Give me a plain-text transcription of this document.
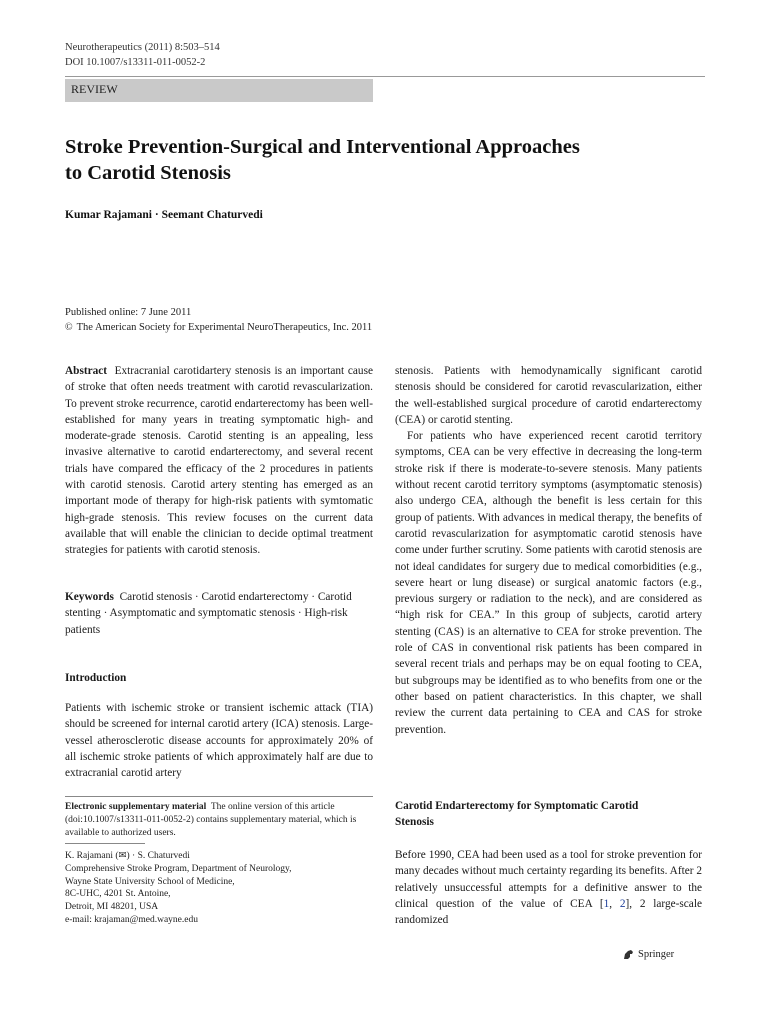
Neurotherapeutics (2011) 8:503–514
DOI 10.1007/s13311-011-0052-2
REVIEW
Stroke Prevention-Surgical and Interventional Approaches
to Carotid Stenosis
Kumar Rajamani · Seemant Chaturvedi
Published online: 7 June 2011
© The American Society for Experimental NeuroTherapeutics, Inc. 2011

Abstract Extracranial carotidartery stenosis is an important cause of stroke that often needs treatment with carotid revascularization. To prevent stroke recurrence, carotid endarterectomy has been well-established for many years in treating symptomatic high- and moderate-grade stenosis. Carotid stenting is an appealing, less invasive alternative to carotid endarterectomy, and several recent trials have compared the efficacy of the 2 procedures in patients with carotid stenosis. Carotid artery stenting has emerged as an important mode of therapy for high-risk patients with symtomatic high-grade stenosis. This review focuses on the current data available that will enable the clinician to decide optimal treatment strategies for patients with carotid stenosis.

Keywords Carotid stenosis · Carotid endarterectomy · Carotid stenting · Asymptomatic and symptomatic stenosis · High-risk patients

Introduction

Patients with ischemic stroke or transient ischemic attack (TIA) should be screened for internal carotid artery (ICA) stenosis. Large-vessel atherosclerotic disease accounts for approximately 20% of all ischemic stroke patients of which approximately half are due to extracranial carotid artery

Electronic supplementary material The online version of this article (doi:10.1007/s13311-011-0052-2) contains supplementary material, which is available to authorized users.
K. Rajamani (✉) · S. Chaturvedi
Comprehensive Stroke Program, Department of Neurology,
Wayne State University School of Medicine,
8C-UHC, 4201 St. Antoine,
Detroit, MI 48201, USA
e-mail: krajaman@med.wayne.edu

stenosis. Patients with hemodynamically significant carotid stenosis should be considered for carotid revascularization, either the well-established surgical procedure of carotid endarterectomy (CEA) or carotid stenting.

For patients who have experienced recent carotid territory symptoms, CEA can be very effective in decreasing the long-term stroke risk if there is moderate-to-severe stenosis. Many patients without recent carotid territory symptoms (asymptomatic stenosis) also undergo CEA, although the benefit is less certain for this group of patients. With advances in medical therapy, the benefits of carotid revascularization for asymptomatic carotid stenosis have come under further scrutiny. Some patients with carotid stenosis are not ideal candidates for surgery due to medical comorbidities (e.g., severe heart or lung disease) or surgical anatomic factors (e.g., previous surgery or radiation to the neck), and are considered as “high risk for CEA.” In this group of subjects, carotid artery stenting (CAS) is an alternative to CEA for stroke prevention. The role of CAS in conventional risk patients has been compared in several recent trials and perhaps may be on equal footing to CEA, but subgroups may be identified as to who benefits from one or the other based on patient characteristics. In this chapter, we shall review the current data pertaining to CEA and CAS for stroke prevention.

Carotid Endarterectomy for Symptomatic Carotid
Stenosis

Before 1990, CEA had been used as a tool for stroke prevention for many decades without much certainty regarding its benefits. After 2 relatively unsuccessful attempts for a definitive answer to the clinical question of the value of CEA [1, 2], 2 large-scale randomized

Springer
